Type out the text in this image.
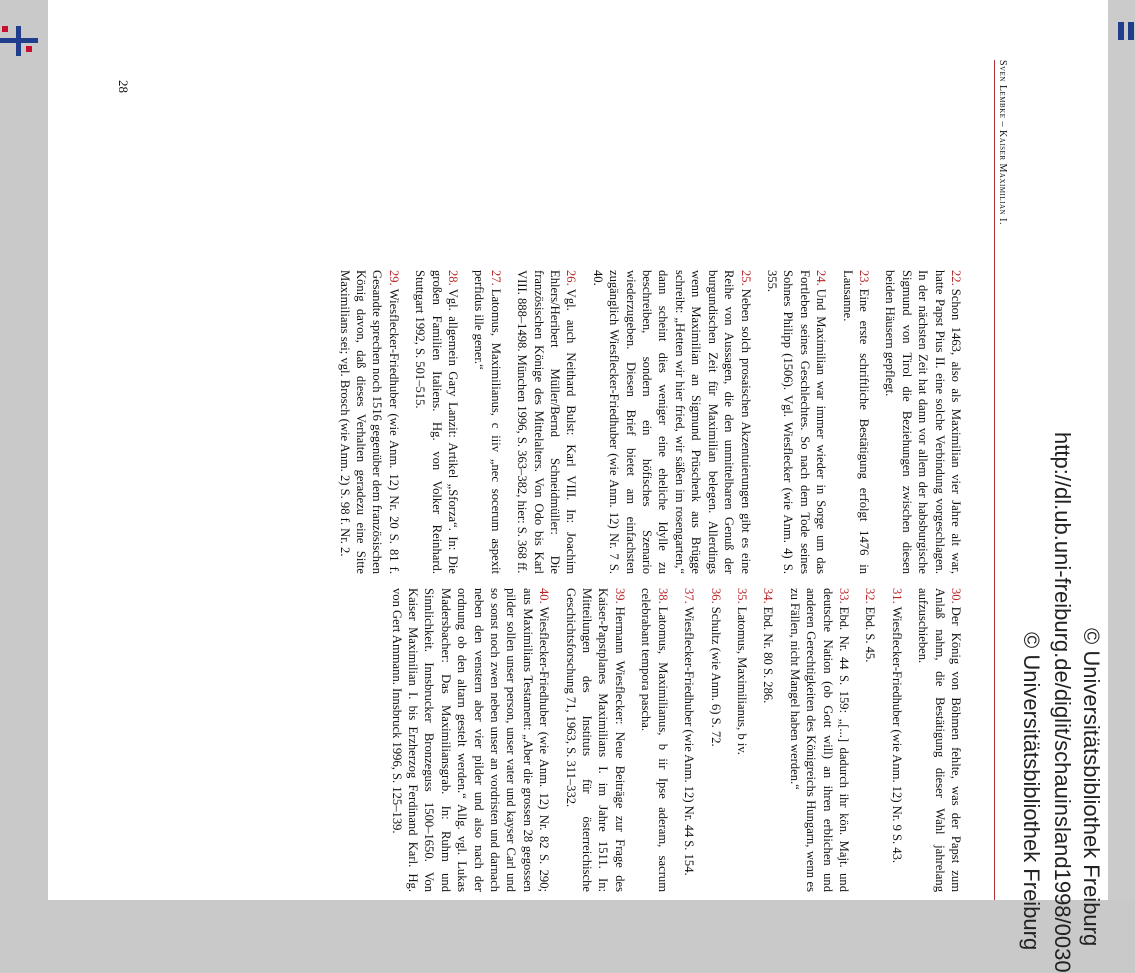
http://dl.ub.uni-freiburg.de/diglit/schauinsland1998/0030
© Universitätsbibliothek Freiburg © Universitätsbibliothek Freiburg
Sven Lembke – Kaiser Maximilian I.

22.Schon 1463, also als Maximilian vier Jahre alt war, hatte Papst Pius II. eine solche Verbindung vorgeschlagen. In der nächsten Zeit hat dann vor allem der habsburgische Sigmund von Tirol die Beziehungen zwischen diesen beiden Häusern gepflegt.

23.Eine erste schriftliche Bestätigung erfolgt 1476 in Lausanne.

24.Und Maximilian war immer wieder in Sorge um das Fortleben seines Geschlechtes. So nach dem Tode seines Sohnes Philipp (1506). Vgl. Wiesflecker (wie Anm. 4) S. 355.

25.Neben solch prosaischen Akzentuierungen gibt es eine Reihe von Aussagen, die den unmittelbaren Genuß der burgundischen Zeit für Maximilian belegen. Allerdings wenn Maximilian an Sigmund Prüschenk aus Brügge schreibt: „Hetten wir hier fried, wir säßen im rosengarten,“ dann scheint dies weniger eine eheliche Idylle zu beschreiben, sondern ein höfisches Szenario wiederzugeben. Diesen Brief bietet am einfachsten zugänglich Wiesflecker-Friedhuber (wie Anm. 12) Nr. 7 S. 40.

26.Vgl. auch Neithard Bulst: Karl VIII. In: Joachim Ehlers/Heribert Müller/Bernd Schneidmüller: Die französischen Könige des Mittelalters. Von Odo bis Karl VIII. 888–1498. München 1996, S. 363–382, hier: S. 368 ff.

27.Latomus, Maximilianus, c iiiv „nec socerum aspexit perfidus ille gener.“

28.Vgl. allgemein Gary Lanzit: Artikel „Sforza“. In: Die großen Familien Italiens. Hg. von Volker Reinhard. Stuttgart 1992, S. 501–515.

29.Wiesflecker-Friedhuber (wie Anm. 12) Nr. 20 S. 81 f. Gesandte sprechen noch 1516 gegenüber dem französischen König davon, daß dieses Verhalten geradezu eine Sitte Maximilians sei; vgl. Brosch (wie Anm. 2) S. 98 f. Nr. 2.

30.Der König von Böhmen fehlte, was der Papst zum Anlaß nahm, die Bestätigung dieser Wahl jahrelang aufzuschieben.

31.Wiesflecker-Friedhuber (wie Anm. 12) Nr. 9 S. 43.

32.Ebd. S. 45.

33.Ebd. Nr. 44 S. 159: „[...] dadurch ihr kön. Majt. und deutsche Nation (ob Gott will) an ihren erblichen und anderen Gerechtigkeiten des Königreichs Hungarn, wenn es zu Fällen, nicht Mangel haben werden.“

34.Ebd. Nr. 80 S. 286.

35.Latomus, Maximilianus, b iv.

36.Schultz (wie Anm. 6) S. 72.

37.Wiesflecker-Friedhuber (wie Anm. 12) Nr. 44 S. 154.

38.Latomus, Maximilianus, b iir Ipse aderam, sacrum celebrabant tempora pascha.

39.Hermann Wiesflecker: Neue Beiträge zur Frage des Kaiser-Papstplanes Maximilians I. im Jahre 1511. In: Mitteilungen des Instituts für österreichische Geschichtsforschung 71, 1963, S. 311–332.

40.Wiesflecker-Friedhuber (wie Anm. 12) Nr. 82 S. 290; aus Maximilians Testament: „Aber die grossen 28 gegossen pilder sollen unser person, unser vater und kayser Carl und so sonst noch zwen neben unser an vordristen und darnach neben den venstern aber vier pilder und also nach der ordnung ob den altarn gestelt werden.“ Allg. vgl. Lukas Madersbacher: Das Maximiliansgrab. In: Ruhm und Sinnlichkeit. Innsbrucker Bronzeguss 1500–1650. Von Kaiser Maximilian I. bis Erzherzog Ferdinand Karl. Hg. von Gert Ammann. Innsbruck 1996, S. 125–139.

28
